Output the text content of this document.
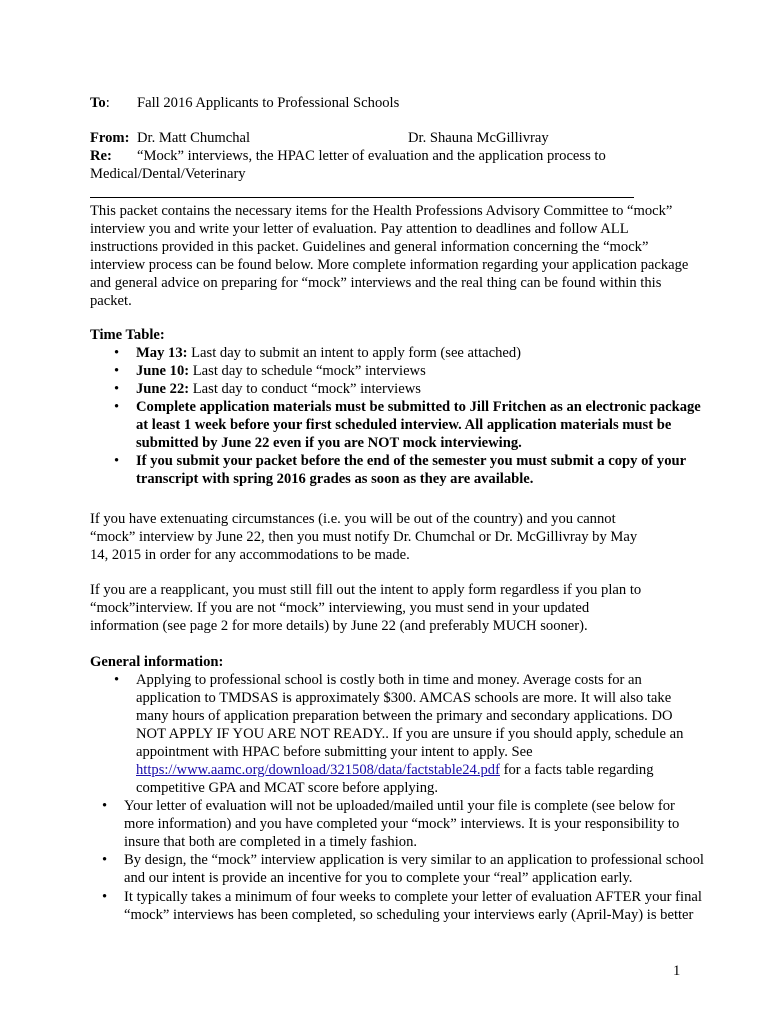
To: Fall 2016 Applicants to Professional Schools
From: Dr. Matt Chumchal	Dr. Shauna McGillivray
Re: “Mock” interviews, the HPAC letter of evaluation and the application process to
Medical/Dental/Veterinary
This packet contains the necessary items for the Health Professions Advisory Committee to “mock”
interview you and write your letter of evaluation. Pay attention to deadlines and follow ALL
instructions provided in this packet. Guidelines and general information concerning the “mock”
interview process can be found below. More complete information regarding your application package
and general advice on preparing for “mock” interviews and the real thing can be found within this
packet.
Time Table:
• May 13: Last day to submit an intent to apply form (see attached)
• June 10: Last day to schedule “mock” interviews
• June 22: Last day to conduct “mock” interviews
• Complete application materials must be submitted to Jill Fritchen as an electronic package
at least 1 week before your first scheduled interview. All application materials must be
submitted by June 22 even if you are NOT mock interviewing.
• If you submit your packet before the end of the semester you must submit a copy of your
transcript with spring 2016 grades as soon as they are available.
If you have extenuating circumstances (i.e. you will be out of the country) and you cannot
“mock” interview by June 22, then you must notify Dr. Chumchal or Dr. McGillivray by May
14, 2015 in order for any accommodations to be made.
If you are a reapplicant, you must still fill out the intent to apply form regardless if you plan to
“mock”interview. If you are not “mock” interviewing, you must send in your updated
information (see page 2 for more details) by June 22 (and preferably MUCH sooner).
General information:
• Applying to professional school is costly both in time and money. Average costs for an
application to TMDSAS is approximately $300. AMCAS schools are more. It will also take
many hours of application preparation between the primary and secondary applications. DO
NOT APPLY IF YOU ARE NOT READY.. If you are unsure if you should apply, schedule an
appointment with HPAC before submitting your intent to apply. See
https://www.aamc.org/download/321508/data/factstable24.pdf for a facts table regarding
competitive GPA and MCAT score before applying.
• Your letter of evaluation will not be uploaded/mailed until your file is complete (see below for
more information) and you have completed your “mock” interviews. It is your responsibility to
insure that both are completed in a timely fashion.
• By design, the “mock” interview application is very similar to an application to professional school
and our intent is provide an incentive for you to complete your “real” application early.
• It typically takes a minimum of four weeks to complete your letter of evaluation AFTER your final
“mock” interviews has been completed, so scheduling your interviews early (April-May) is better
1
